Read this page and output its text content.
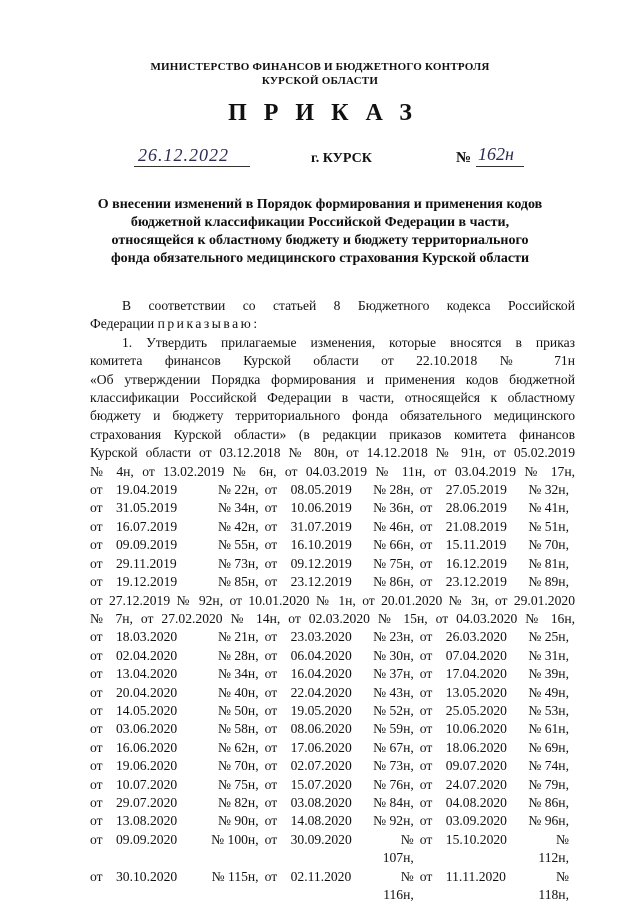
МИНИСТЕРСТВО ФИНАНСОВ И БЮДЖЕТНОГО КОНТРОЛЯ
КУРСКОЙ ОБЛАСТИ
ПРИКАЗ
26.12.2022	г. КУРСК	№ 162н
О внесении изменений в Порядок формирования и применения кодов
бюджетной классификации Российской Федерации в части,
относящейся к областному бюджету и бюджету территориального
фонда обязательного медицинского страхования Курской области

В соответствии со статьей 8 Бюджетного кодекса Российской

Федерации приказываю:

1. Утвердить прилагаемые изменения, которые вносятся в приказ

комитета финансов Курской области от 22.10.2018 № 71н

«Об утверждении Порядка формирования и применения кодов бюджетной

классификации Российской Федерации в части, относящейся к областному

бюджету и бюджету территориального фонда обязательного медицинского

страхования Курской области» (в редакции приказов комитета финансов

Курской области от 03.12.2018 № 80н, от 14.12.2018 № 91н, от 05.02.2019

№ 4н, от 13.02.2019 № 6н, от 04.03.2019 № 11н, от 03.04.2019 № 17н,

от 19.04.2019	№ 22н, от 08.05.2019	№ 28н, от 27.05.2019	№ 32н,
от 31.05.2019	№ 34н, от 10.06.2019	№ 36н, от 28.06.2019	№ 41н,
от 16.07.2019	№ 42н, от 31.07.2019	№ 46н, от 21.08.2019	№ 51н,
от 09.09.2019	№ 55н, от 16.10.2019	№ 66н, от 15.11.2019	№ 70н,
от 29.11.2019	№ 73н, от 09.12.2019	№ 75н, от 16.12.2019	№ 81н,
от 19.12.2019	№ 85н, от 23.12.2019	№ 86н, от 23.12.2019	№ 89н,

от 27.12.2019 № 92н, от 10.01.2020 № 1н, от 20.01.2020 № 3н, от 29.01.2020

№ 7н, от 27.02.2020 № 14н, от 02.03.2020 № 15н, от 04.03.2020 № 16н,

от 18.03.2020	№ 21н, от 23.03.2020	№ 23н, от 26.03.2020	№ 25н,
от 02.04.2020	№ 28н, от 06.04.2020	№ 30н, от 07.04.2020	№ 31н,
от 13.04.2020	№ 34н, от 16.04.2020	№ 37н, от 17.04.2020	№ 39н,
от 20.04.2020	№ 40н, от 22.04.2020	№ 43н, от 13.05.2020	№ 49н,
от 14.05.2020	№ 50н, от 19.05.2020	№ 52н, от 25.05.2020	№ 53н,
от 03.06.2020	№ 58н, от 08.06.2020	№ 59н, от 10.06.2020	№ 61н,
от 16.06.2020	№ 62н, от 17.06.2020	№ 67н, от 18.06.2020	№ 69н,
от 19.06.2020	№ 70н, от 02.07.2020	№ 73н, от 09.07.2020	№ 74н,
от 10.07.2020	№ 75н, от 15.07.2020	№ 76н, от 24.07.2020	№ 79н,
от 29.07.2020	№ 82н, от 03.08.2020	№ 84н, от 04.08.2020	№ 86н,
от 13.08.2020	№ 90н, от 14.08.2020	№ 92н, от 03.09.2020	№ 96н,
от 09.09.2020	№ 100н, от 30.09.2020	№ 107н,
от 15.10.2020	№ 112н,
от 30.10.2020	№ 115н, от 02.11.2020	№ 116н,
от 11.11.2020	№ 118н,
